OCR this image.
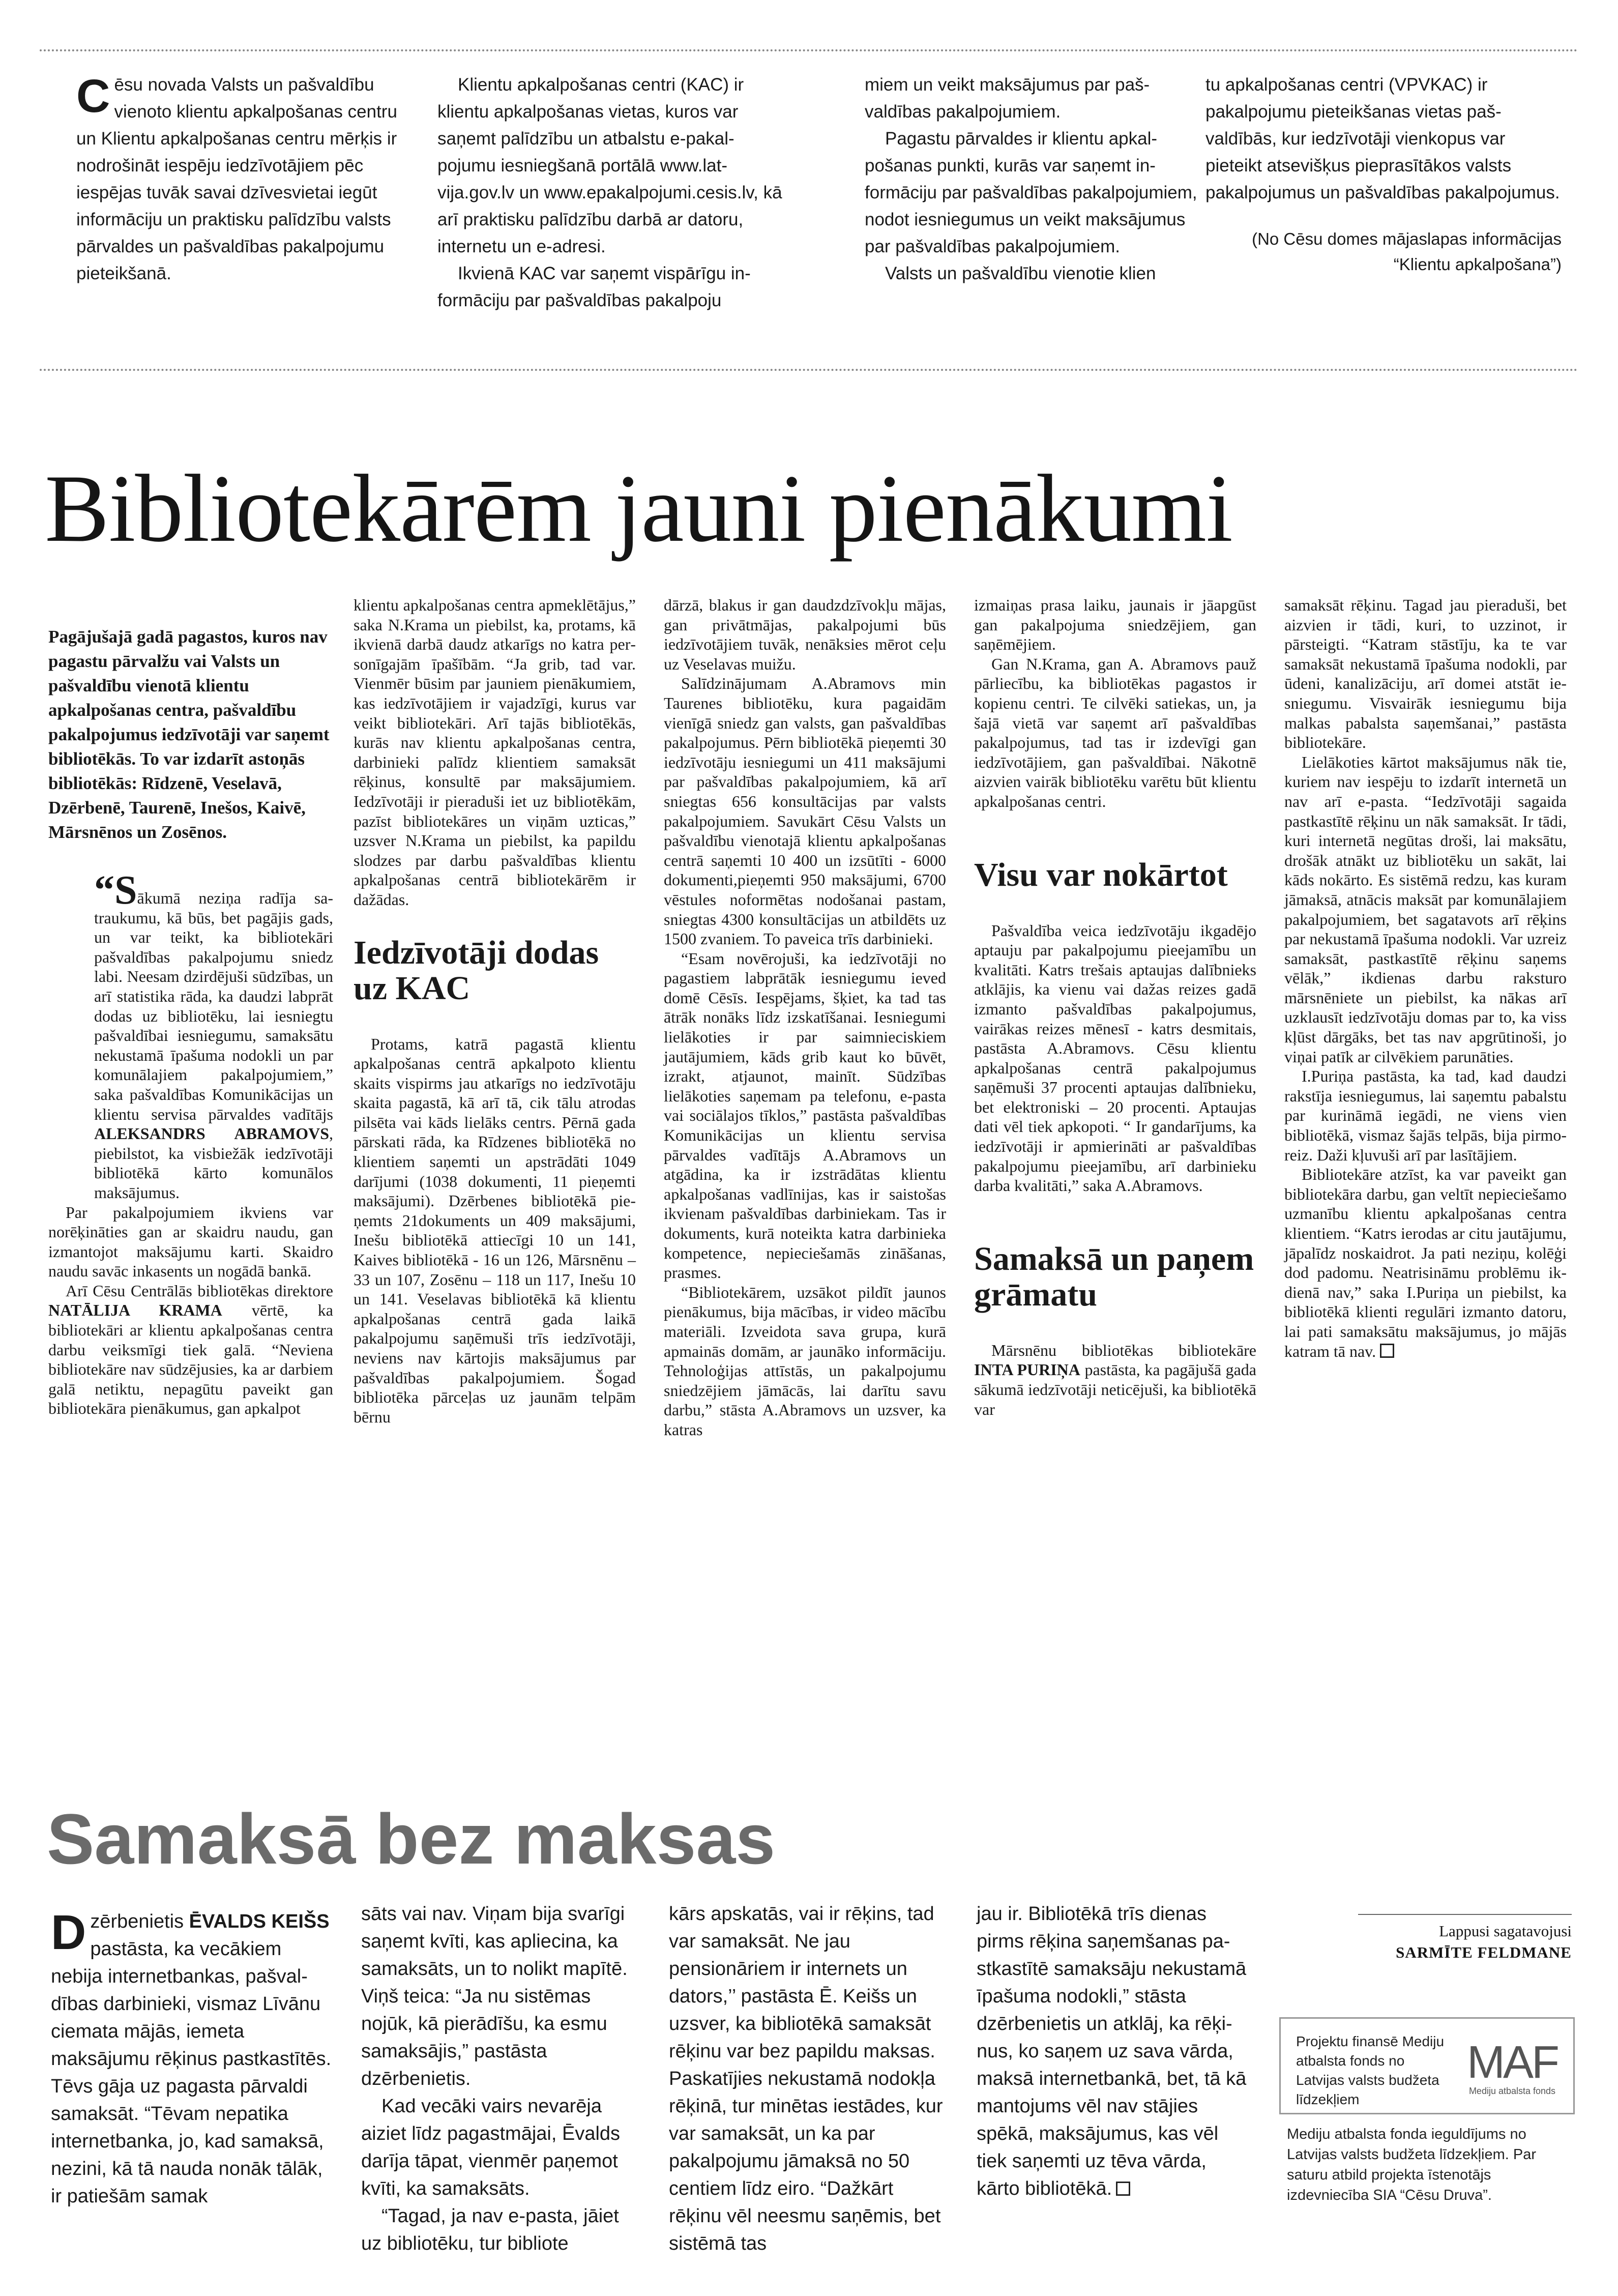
Cēsu novada Valsts un pašvaldību vienoto klientu apkalpošanas centru un Klientu apkalpošanas centru mērķis ir nodrošināt iespēju iedzīvotājiem pēc iespējas tuvāk savai dzīvesvietai iegūt informāciju un praktisku palīdzību valsts pārvaldes un pašvaldības pakalpojumu pieteikšanā.

Klientu apkalpošanas centri (KAC) ir klientu apkalpošanas vietas, kuros var saņemt palīdzību un atbalstu e-pakalpojumu iesniegšanā portālā www.latvija.gov.lv un www.epakalpojumi.cesis.lv, kā arī praktisku palīdzību darbā ar datoru, internetu un e-adresi.

Ikvienā KAC var saņemt vispārīgu informāciju par pašvaldības pakalpoju

miem un veikt maksājumus par pašvaldības pakalpojumiem.

Pagastu pārvaldes ir klientu apkalpošanas punkti, kurās var saņemt informāciju par pašvaldības pakalpojumiem, nodot iesniegumus un veikt maksājumus par pašvaldības pakalpojumiem.

Valsts un pašvaldību vienotie klien

tu apkalpošanas centri (VPVKAC) ir pakalpojumu pieteikšanas vietas pašvaldībās, kur iedzīvotāji vienkopus var pieteikt atsevišķus pieprasītākos valsts pakalpojumus un pašvaldības pakalpojumus.

(No Cēsu domes mājaslapas informācijas “Klientu apkalpošana”)

Bibliotekārēm jauni pienākumi

Pagājušajā gadā pagastos, kuros nav pagastu pārvalžu vai Valsts un pašvaldību vienotā klientu apkalpošanas centra, pašvaldību pakalpojumus iedzīvotāji var saņemt bibliotēkās. To var izdarīt astoņās bibliotēkās: Rīdzenē, Veselavā, Dzērbenē, Taurenē, Inešos, Kaivē, Mārsnēnos un Zosēnos.

“Sākumā neziņa radīja satraukumu, kā būs, bet pagājis gads, un var teikt, ka bibliotekāri pašvaldības pakalpojumu sniedz labi. Neesam dzirdējuši sūdzības, un arī statistika rāda, ka daudzi labprāt dodas uz bibliotēku, lai iesniegtu pašvaldībai iesniegumu, samaksātu nekustamā īpašuma nodokli un par komunālajiem pakalpojumiem,” saka pašvaldības Komunikācijas un klientu servisa pārvaldes vadītājs ALEKSANDRS ABRAMOVS, piebilstot, ka visbiežāk iedzīvotāji bibliotēkā kārto komunālos maksājumus.

Par pakalpojumiem ikviens var norēķināties gan ar skaidru naudu, gan izmantojot maksājumu karti. Skaidro naudu savāc inkasents un nogādā bankā.

Arī Cēsu Centrālās bibliotēkas direktore NATĀLIJA KRAMA vērtē, ka bibliotekāri ar klientu apkalpošanas centra darbu veiksmīgi tiek galā. “Neviena bibliotekāre nav sūdzējusies, ka ar darbiem galā netiktu, nepagūtu paveikt gan bibliotekāra pienākumus, gan apkalpot

klientu apkalpošanas centra apmeklētājus,” saka N.Krama un piebilst, ka, protams, kā ikvienā darbā daudz atkarīgs no katra personīgajām īpašībām. “Ja grib, tad var. Vienmēr būsim par jauniem pienākumiem, kas iedzīvotājiem ir vajadzīgi, kurus var veikt bibliotekāri. Arī tajās bibliotēkās, kurās nav klientu apkalpošanas centra, darbinieki palīdz klientiem samaksāt rēķinus, konsultē par maksājumiem. Iedzīvotāji ir pieraduši iet uz bibliotēkām, pazīst bibliotekāres un viņām uzticas,” uzsver N.Krama un piebilst, ka papildu slodzes par darbu pašvaldības klientu apkalpošanas centrā bibliotekārēm ir dažādas.

Iedzīvotāji dodas uz KAC

Protams, katrā pagastā klientu apkalpošanas centrā apkalpoto klientu skaits vispirms jau atkarīgs no iedzīvotāju skaita pagastā, kā arī tā, cik tālu atrodas pilsēta vai kāds lielāks centrs. Pērnā gada pārskati rāda, ka Rīdzenes bibliotēkā no klientiem saņemti un apstrādāti 1049 darījumi (1038 dokumenti, 11 pieņemti maksājumi). Dzērbenes bibliotēkā pieņemts 21dokuments un 409 maksājumi, Inešu bibliotēkā attiecīgi 10 un 141, Kaives bibliotēkā - 16 un 126, Mārsnēnu – 33 un 107, Zosēnu – 118 un 117, Inešu 10 un 141. Veselavas bibliotēkā kā klientu apkalpošanas centrā gada laikā pakalpojumu saņēmuši trīs iedzīvotāji, neviens nav kārtojis maksājumus par pašvaldības pakalpojumiem. Šogad bibliotēka pārceļas uz jaunām telpām bērnu

dārzā, blakus ir gan daudzdzīvokļu mājas, gan privātmājas, pakalpojumi būs iedzīvotājiem tuvāk, nenāksies mērot ceļu uz Veselavas muižu.

Salīdzinājumam A.Abramovs min Taurenes bibliotēku, kura pagaidām vienīgā sniedz gan valsts, gan pašvaldības pakalpojumus. Pērn bibliotēkā pieņemti 30 iedzīvotāju iesniegumi un 411 maksājumi par pašvaldības pakalpojumiem, kā arī sniegtas 656 konsultācijas par valsts pakalpojumiem. Savukārt Cēsu Valsts un pašvaldību vienotajā klientu apkalpošanas centrā saņemti 10 400 un izsūtīti - 6000 dokumenti,pieņemti 950 maksājumi, 6700 vēstules noformētas nodošanai pastam, sniegtas 4300 konsultācijas un atbildēts uz 1500 zvaniem. To paveica trīs darbinieki.

“Esam novērojuši, ka iedzīvotāji no pagastiem labprātāk iesniegumu ieved domē Cēsīs. Iespējams, šķiet, ka tad tas ātrāk nonāks līdz izskatīšanai. Iesniegumi lielākoties ir par saimnieciskiem jautājumiem, kāds grib kaut ko būvēt, izrakt, atjaunot, mainīt. Sūdzības lielākoties saņemam pa telefonu, e-pasta vai sociālajos tīklos,” pastāsta pašvaldības Komunikācijas un klientu servisa pārvaldes vadītājs A.Abramovs un atgādina, ka ir izstrādātas klientu apkalpošanas vadlīnijas, kas ir saistošas ikvienam pašvaldības darbiniekam. Tas ir dokuments, kurā noteikta katra darbinieka kompetence, nepieciešamās zināšanas, prasmes.

“Bibliotekārem, uzsākot pildīt jaunos pienākumus, bija mācības, ir video mācību materiāli. Izveidota sava grupa, kurā apmainās domām, ar jaunāko informāciju. Tehnoloģijas attīstās, un pakalpojumu sniedzējiem jāmācās, lai darītu savu darbu,” stāsta A.Abramovs un uzsver, ka katras

izmaiņas prasa laiku, jaunais ir jāapgūst gan pakalpojuma sniedzējiem, gan saņēmējiem.

Gan N.Krama, gan A. Abramovs pauž pārliecību, ka bibliotēkas pagastos ir kopienu centri. Te cilvēki satiekas, un, ja šajā vietā var saņemt arī pašvaldības pakalpojumus, tad tas ir izdevīgi gan iedzīvotājiem, gan pašvaldībai. Nākotnē aizvien vairāk bibliotēku varētu būt klientu apkalpošanas centri.

Visu var nokārtot

Pašvaldība veica iedzīvotāju ikgadējo aptauju par pakalpojumu pieejamību un kvalitāti. Katrs trešais aptaujas dalībnieks atklājis, ka vienu vai dažas reizes gadā izmanto pašvaldības pakalpojumus, vairākas reizes mēnesī - katrs desmitais, pastāsta A.Abramovs. Cēsu klientu apkalpošanas centrā pakalpojumus saņēmuši 37 procenti aptaujas dalībnieku, bet elektroniski – 20 procenti. Aptaujas dati vēl tiek apkopoti. “ Ir gandarījums, ka iedzīvotāji ir apmierināti ar pašvaldības pakalpojumu pieejamību, arī darbinieku darba kvalitāti,” saka A.Abramovs.

Samaksā un paņem grāmatu

Mārsnēnu bibliotēkas bibliotekāre INTA PURIŅA pastāsta, ka pagājušā gada sākumā iedzīvotāji neticējuši, ka bibliotēkā var

samaksāt rēķinu. Tagad jau pieraduši, bet aizvien ir tādi, kuri, to uzzinot, ir pārsteigti. “Katram stāstīju, ka te var samaksāt nekustamā īpašuma nodokli, par ūdeni, kanalizāciju, arī domei atstāt iesniegumu. Visvairāk iesniegumu bija malkas pabalsta saņemšanai,” pastāsta bibliotekāre.

Lielākoties kārtot maksājumus nāk tie, kuriem nav iespēju to izdarīt internetā un nav arī e-pasta. “Iedzīvotāji sagaida pastkastītē rēķinu un nāk samaksāt. Ir tādi, kuri internetā negūtas droši, lai maksātu, drošāk atnākt uz bibliotēku un sakāt, lai kāds nokārto. Es sistēmā redzu, kas kuram jāmaksā, atnācis maksāt par komunālajiem pakalpojumiem, bet sagatavots arī rēķins par nekustamā īpašuma nodokli. Var uzreiz samaksāt, pastkastītē rēķinu saņems vēlāk,” ikdienas darbu raksturo mārsnēniete un piebilst, ka nākas arī uzklausīt iedzīvotāju domas par to, ka viss kļūst dārgāks, bet tas nav apgrūtinoši, jo viņai patīk ar cilvēkiem parunāties.

I.Puriņa pastāsta, ka tad, kad daudzi rakstīja iesniegumus, lai saņemtu pabalstu par kurināmā iegādi, ne viens vien bibliotēkā, vismaz šajās telpās, bija pirmoreiz. Daži kļuvuši arī par lasītājiem.

Bibliotekāre atzīst, ka var paveikt gan bibliotekāra darbu, gan veltīt nepieciešamo uzmanību klientu apkalpošanas centra klientiem. “Katrs ierodas ar citu jautājumu, jāpalīdz noskaidrot. Ja pati neziņu, kolēģi dod padomu. Neatrisināmu problēmu ikdienā nav,” saka I.Puriņa un piebilst, ka bibliotēkā klienti regulāri izmanto datoru, lai pati samaksātu maksājumus, jo mājās katram tā nav.

Samaksā bez maksas

Dzērbenietis ĒVALDS KEIŠS pastāsta, ka vecākiem nebija internetbankas, pašvaldības darbinieki, vismaz Līvānu ciemata mājās, iemeta maksājumu rēķinus pastkastītēs. Tēvs gāja uz pagasta pārvaldi samaksāt. “Tēvam nepatika internetbanka, jo, kad samaksā, nezini, kā tā nauda nonāk tālāk, ir patiešām samak

sāts vai nav. Viņam bija svarīgi saņemt kvīti, kas apliecina, ka samaksāts, un to nolikt mapītē. Viņš teica: “Ja nu sistēmas nojūk, kā pierādīšu, ka esmu samaksājis,” pastāsta dzērbenietis.

Kad vecāki vairs nevarēja aiziet līdz pagastmājai, Ēvalds darīja tāpat, vienmēr paņemot kvīti, ka samaksāts.

“Tagad, ja nav e-pasta, jāiet uz bibliotēku, tur bibliote

kārs apskatās, vai ir rēķins, tad var samaksāt. Ne jau pensionāriem ir internets un dators,’’ pastāsta Ē. Keišs un uzsver, ka bibliotēkā samaksāt rēķinu var bez papildu maksas. Paskatījies nekustamā nodokļa rēķinā, tur minētas iestādes, kur var samaksāt, un ka par pakalpojumu jāmaksā no 50 centiem līdz eiro. “Dažkārt rēķinu vēl neesmu saņēmis, bet sistēmā tas

jau ir. Bibliotēkā trīs dienas pirms rēķina saņemšanas pastkastītē samaksāju nekustamā īpašuma nodokli,” stāsta dzērbenietis un atklāj, ka rēķinus, ko saņem uz sava vārda, maksā internetbankā, bet, tā kā mantojums vēl nav stājies spēkā, maksājumus, kas vēl tiek saņemti uz tēva vārda, kārto bibliotēkā.

Lappusi sagatavojusi
SARMĪTE FELDMANE
Projektu finansē Mediju atbalsta fonds no Latvijas valsts budžeta līdzekļiem
MAF
Mediju atbalsta fonds
Mediju atbalsta fonda ieguldījums no Latvijas valsts budžeta līdzekļiem. Par saturu atbild projekta īstenotājs izdevniecība SIA “Cēsu Druva”.
